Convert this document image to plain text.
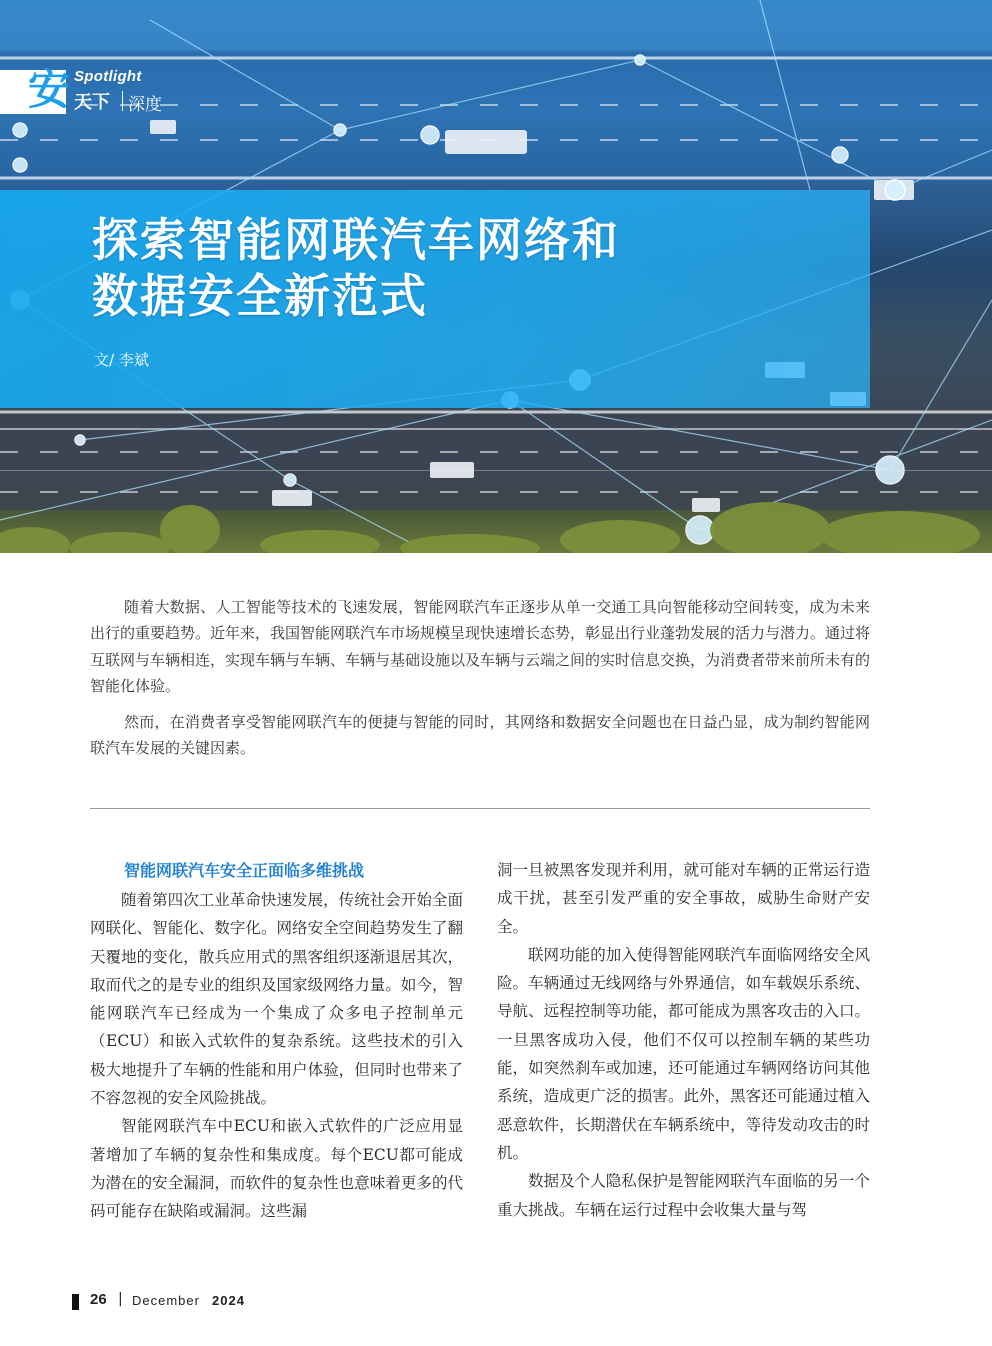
探索智能网联汽车网络和
数据安全新范式
文/ 李斌
安 Spotlight
天下 深度

随着大数据、人工智能等技术的飞速发展，智能网联汽车正逐步从单一交通工具向智能移动空间转变，成为未来出行的重要趋势。近年来，我国智能网联汽车市场规模呈现快速增长态势，彰显出行业蓬勃发展的活力与潜力。通过将互联网与车辆相连，实现车辆与车辆、车辆与基础设施以及车辆与云端之间的实时信息交换，为消费者带来前所未有的智能化体验。

然而，在消费者享受智能网联汽车的便捷与智能的同时，其网络和数据安全问题也在日益凸显，成为制约智能网联汽车发展的关键因素。

智能网联汽车安全正面临多维挑战

随着第四次工业革命快速发展，传统社会开始全面网联化、智能化、数字化。网络安全空间趋势发生了翻天覆地的变化，散兵应用式的黑客组织逐渐退居其次，取而代之的是专业的组织及国家级网络力量。如今，智能网联汽车已经成为一个集成了众多电子控制单元（ECU）和嵌入式软件的复杂系统。这些技术的引入极大地提升了车辆的性能和用户体验，但同时也带来了不容忽视的安全风险挑战。

智能网联汽车中ECU和嵌入式软件的广泛应用显著增加了车辆的复杂性和集成度。每个ECU都可能成为潜在的安全漏洞，而软件的复杂性也意味着更多的代码可能存在缺陷或漏洞。这些漏

洞一旦被黑客发现并利用，就可能对车辆的正常运行造成干扰，甚至引发严重的安全事故，威胁生命财产安全。

联网功能的加入使得智能网联汽车面临网络安全风险。车辆通过无线网络与外界通信，如车载娱乐系统、导航、远程控制等功能，都可能成为黑客攻击的入口。一旦黑客成功入侵，他们不仅可以控制车辆的某些功能，如突然刹车或加速，还可能通过车辆网络访问其他系统，造成更广泛的损害。此外，黑客还可能通过植入恶意软件，长期潜伏在车辆系统中，等待发动攻击的时机。

数据及个人隐私保护是智能网联汽车面临的另一个重大挑战。车辆在运行过程中会收集大量与驾

26 | December 2024
